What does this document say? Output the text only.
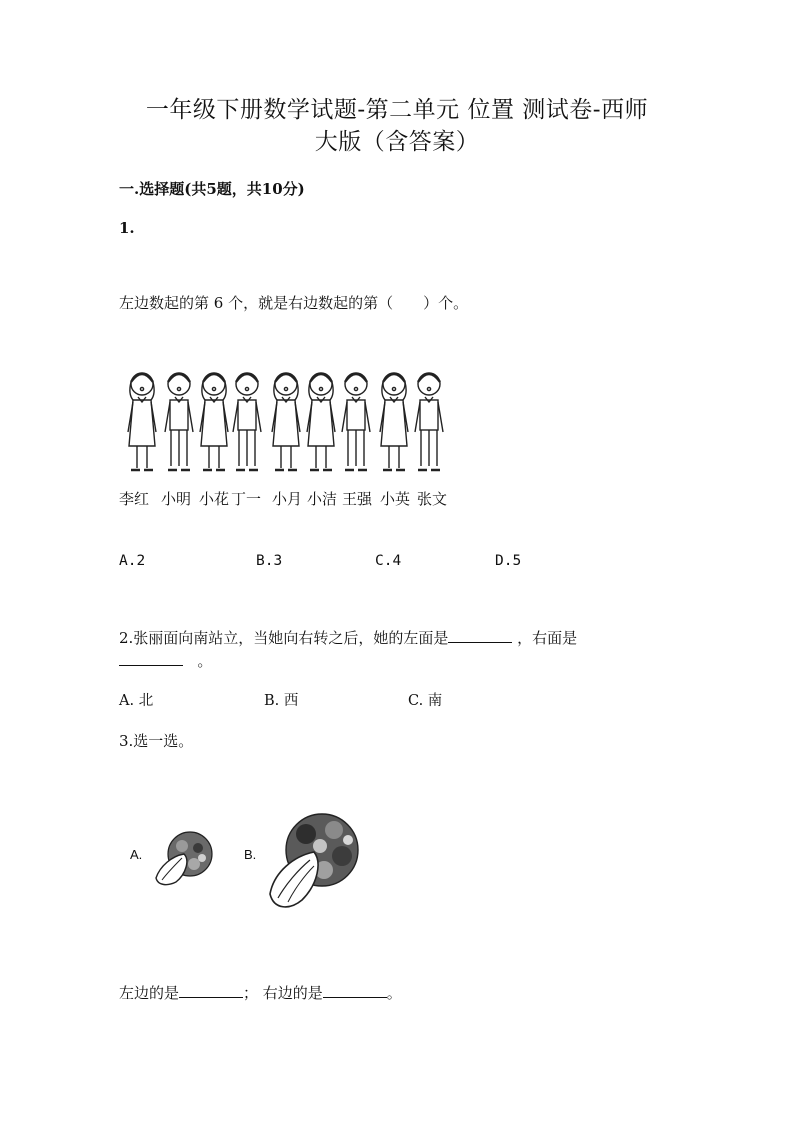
一年级下册数学试题-第二单元 位置 测试卷-西师
大版（含答案）
一.选择题(共5题，共10分)
1.
左边数起的第 6 个，就是右边数起的第（　　）个。
李红 小明 小花 丁一 小月 小洁 王强 小英 张文
A.2	B.3	C.4	D.5
2.张丽面向南站立，当她向右转之后，她的左面是	，右面是
。
A. 北	B. 西	C. 南
3.选一选。
A.	B.
左边的是	； 右边的是	。
